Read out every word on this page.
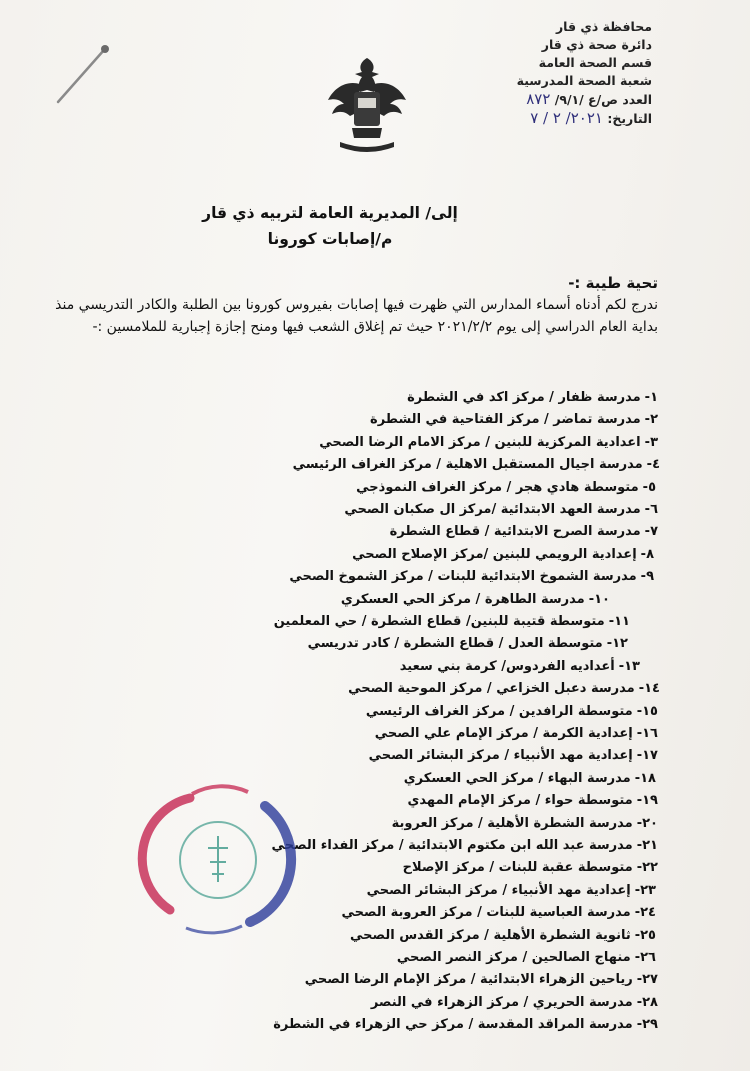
محافظة ذي قار
دائرة صحة ذي قار
قسم الصحة العامة
شعبة الصحة المدرسية
العدد ص/ع /٩/١/ ٨٧٢
التاريخ: ٢٠٢١/ ٢ / ٧
إلى/ المديرية العامة لتربيه ذي قار
م/إصابات كورونا
تحية طيبة :-
ندرج لكم أدناه أسماء المدارس التي ظهرت فيها إصابات بفيروس كورونا بين الطلبة والكادر التدريسي منذ بداية العام الدراسي إلى يوم ٢٠٢١/٢/٢ حيث تم إغلاق الشعب فيها ومنح إجازة إجبارية للملامسين :-
١-مدرسة ظفار / مركز اكد في الشطرة
٢-مدرسة تماضر / مركز الفتاحية في الشطرة
٣-اعدادية المركزية للبنين / مركز الامام الرضا الصحي
٤-مدرسة اجيال المستقبل الاهلية / مركز الغراف الرئيسي
٥-متوسطة هادي هجر / مركز الغراف النموذجي
٦-مدرسة العهد الابتدائية /مركز ال صكبان الصحي
٧-مدرسة الصرح الابتدائية / قطاع الشطرة
٨-إعدادية الرويمي للبنين /مركز الإصلاح الصحي
٩-مدرسة الشموخ الابتدائية للبنات / مركز الشموخ الصحي
١٠-مدرسة الطاهرة / مركز الحي العسكري
١١-متوسطة قتيبة للبنين/ قطاع الشطرة / حي المعلمين
١٢-متوسطة العدل / قطاع الشطرة / كادر تدريسي
١٣-أعداديه الفردوس/ كرمة بني سعيد
١٤-مدرسة دعبل الخزاعي / مركز الموحية الصحي
١٥-متوسطة الرافدين / مركز الغراف الرئيسي
١٦-إعدادية الكرمة / مركز الإمام علي الصحي
١٧-إعدادية مهد الأنبياء / مركز البشائر الصحي
١٨-مدرسة البهاء / مركز الحي العسكري
١٩-متوسطة حواء / مركز الإمام المهدي
٢٠-مدرسة الشطرة الأهلية / مركز العروبة
٢١-مدرسة عبد الله ابن مكتوم الابتدائية / مركز الفداء الصحي
٢٢-متوسطة عقبة للبنات / مركز الإصلاح
٢٣-إعدادية مهد الأنبياء / مركز البشائر الصحي
٢٤-مدرسة العباسية للبنات / مركز العروبة الصحي
٢٥-ثانوية الشطرة الأهلية / مركز القدس الصحي
٢٦-منهاج الصالحين / مركز النصر الصحي
٢٧-رياحين الزهراء الابتدائية / مركز الإمام الرضا الصحي
٢٨-مدرسة الحريري / مركز الزهراء في النصر
٢٩-مدرسة المراقد المقدسة / مركز حي الزهراء في الشطرة
